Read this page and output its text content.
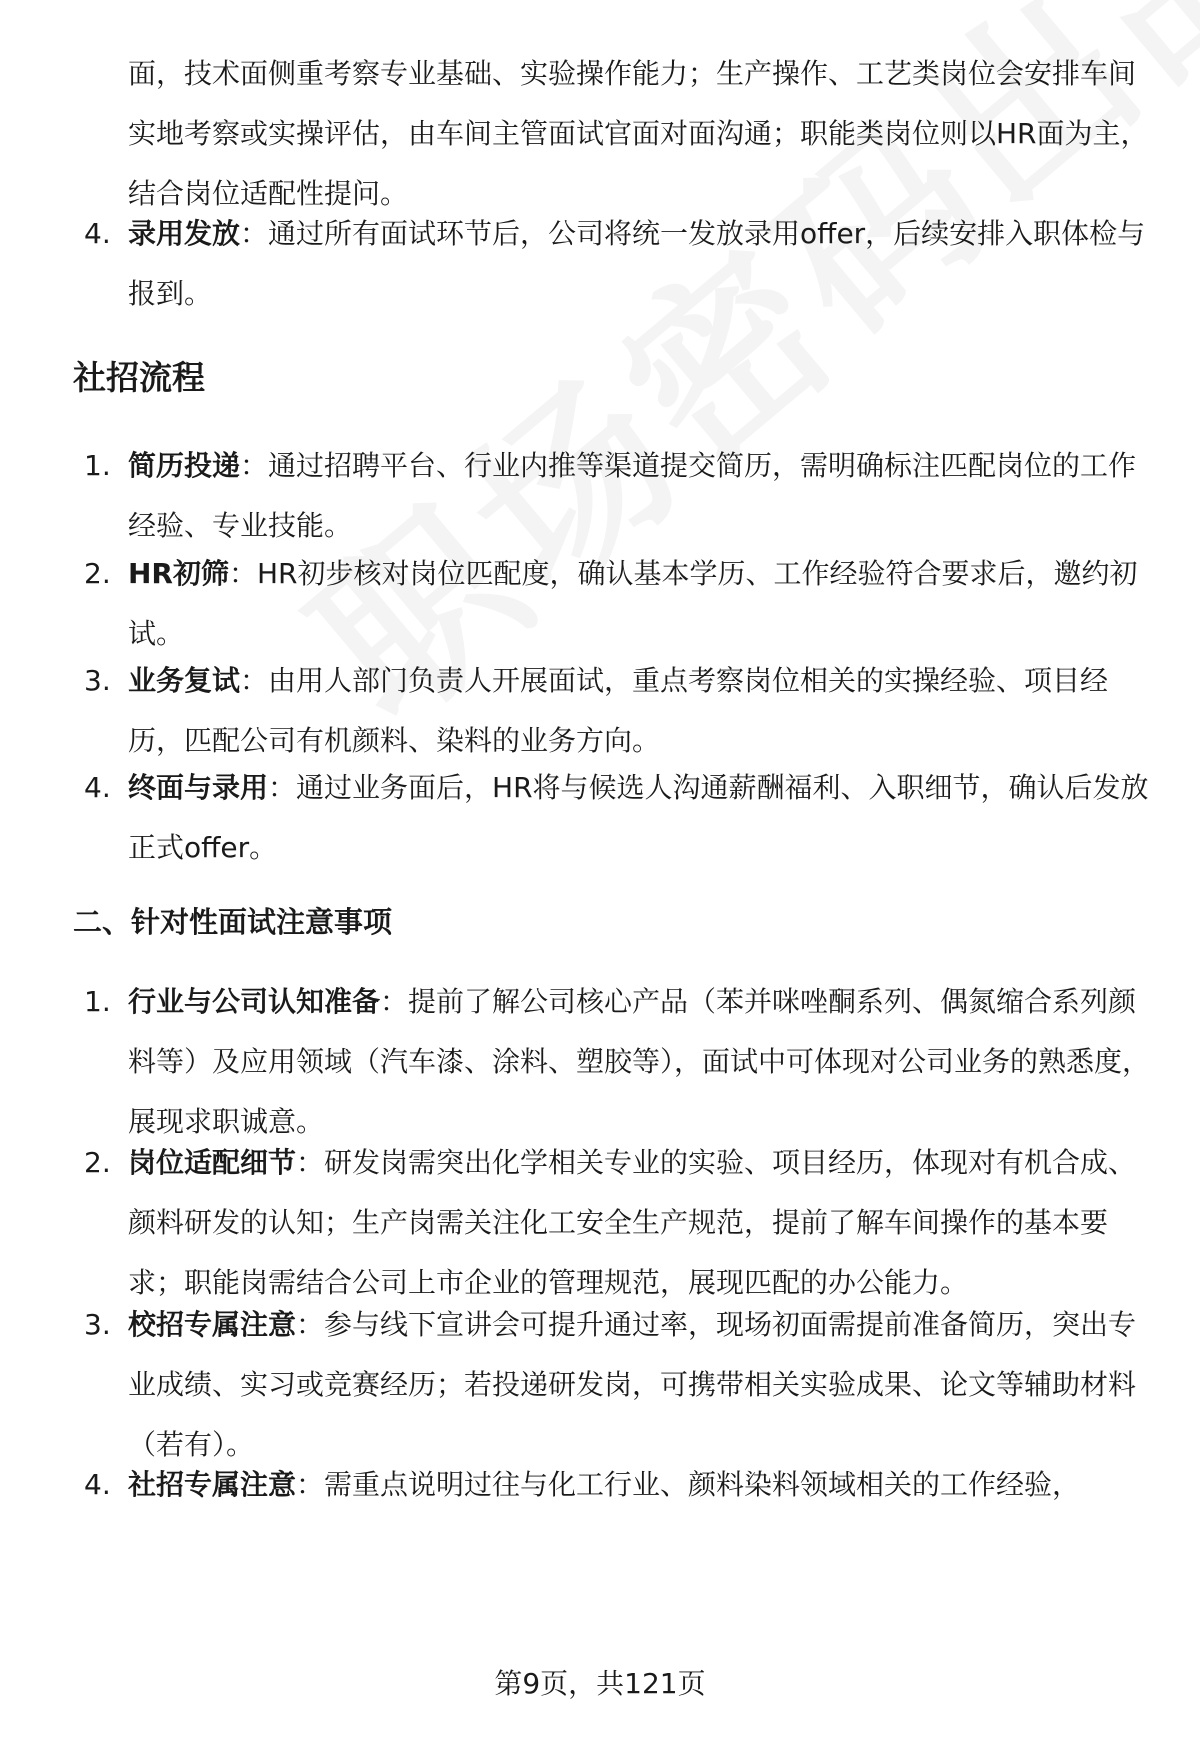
面，技术面侧重考察专业基础、实验操作能力；生产操作、工艺类岗位会安排车间实地考察或实操评估，由车间主管面试官面对面沟通；职能类岗位则以HR面为主，结合岗位适配性提问。
4. 录用发放：通过所有面试环节后，公司将统一发放录用offer，后续安排入职体检与报到。
社招流程
1. 简历投递：通过招聘平台、行业内推等渠道提交简历，需明确标注匹配岗位的工作经验、专业技能。
2. HR初筛：HR初步核对岗位匹配度，确认基本学历、工作经验符合要求后，邀约初试。
3. 业务复试：由用人部门负责人开展面试，重点考察岗位相关的实操经验、项目经历，匹配公司有机颜料、染料的业务方向。
4. 终面与录用：通过业务面后，HR将与候选人沟通薪酬福利、入职细节，确认后发放正式offer。
二、针对性面试注意事项
1. 行业与公司认知准备：提前了解公司核心产品（苯并咪唑酮系列、偶氮缩合系列颜料等）及应用领域（汽车漆、涂料、塑胶等），面试中可体现对公司业务的熟悉度，展现求职诚意。
2. 岗位适配细节：研发岗需突出化学相关专业的实验、项目经历，体现对有机合成、颜料研发的认知；生产岗需关注化工安全生产规范，提前了解车间操作的基本要求；职能岗需结合公司上市企业的管理规范，展现匹配的办公能力。
3. 校招专属注意：参与线下宣讲会可提升通过率，现场初面需提前准备简历，突出专业成绩、实习或竞赛经历；若投递研发岗，可携带相关实验成果、论文等辅助材料（若有）。
4. 社招专属注意：需重点说明过往与化工行业、颜料染料领域相关的工作经验，
第9页，共121页
